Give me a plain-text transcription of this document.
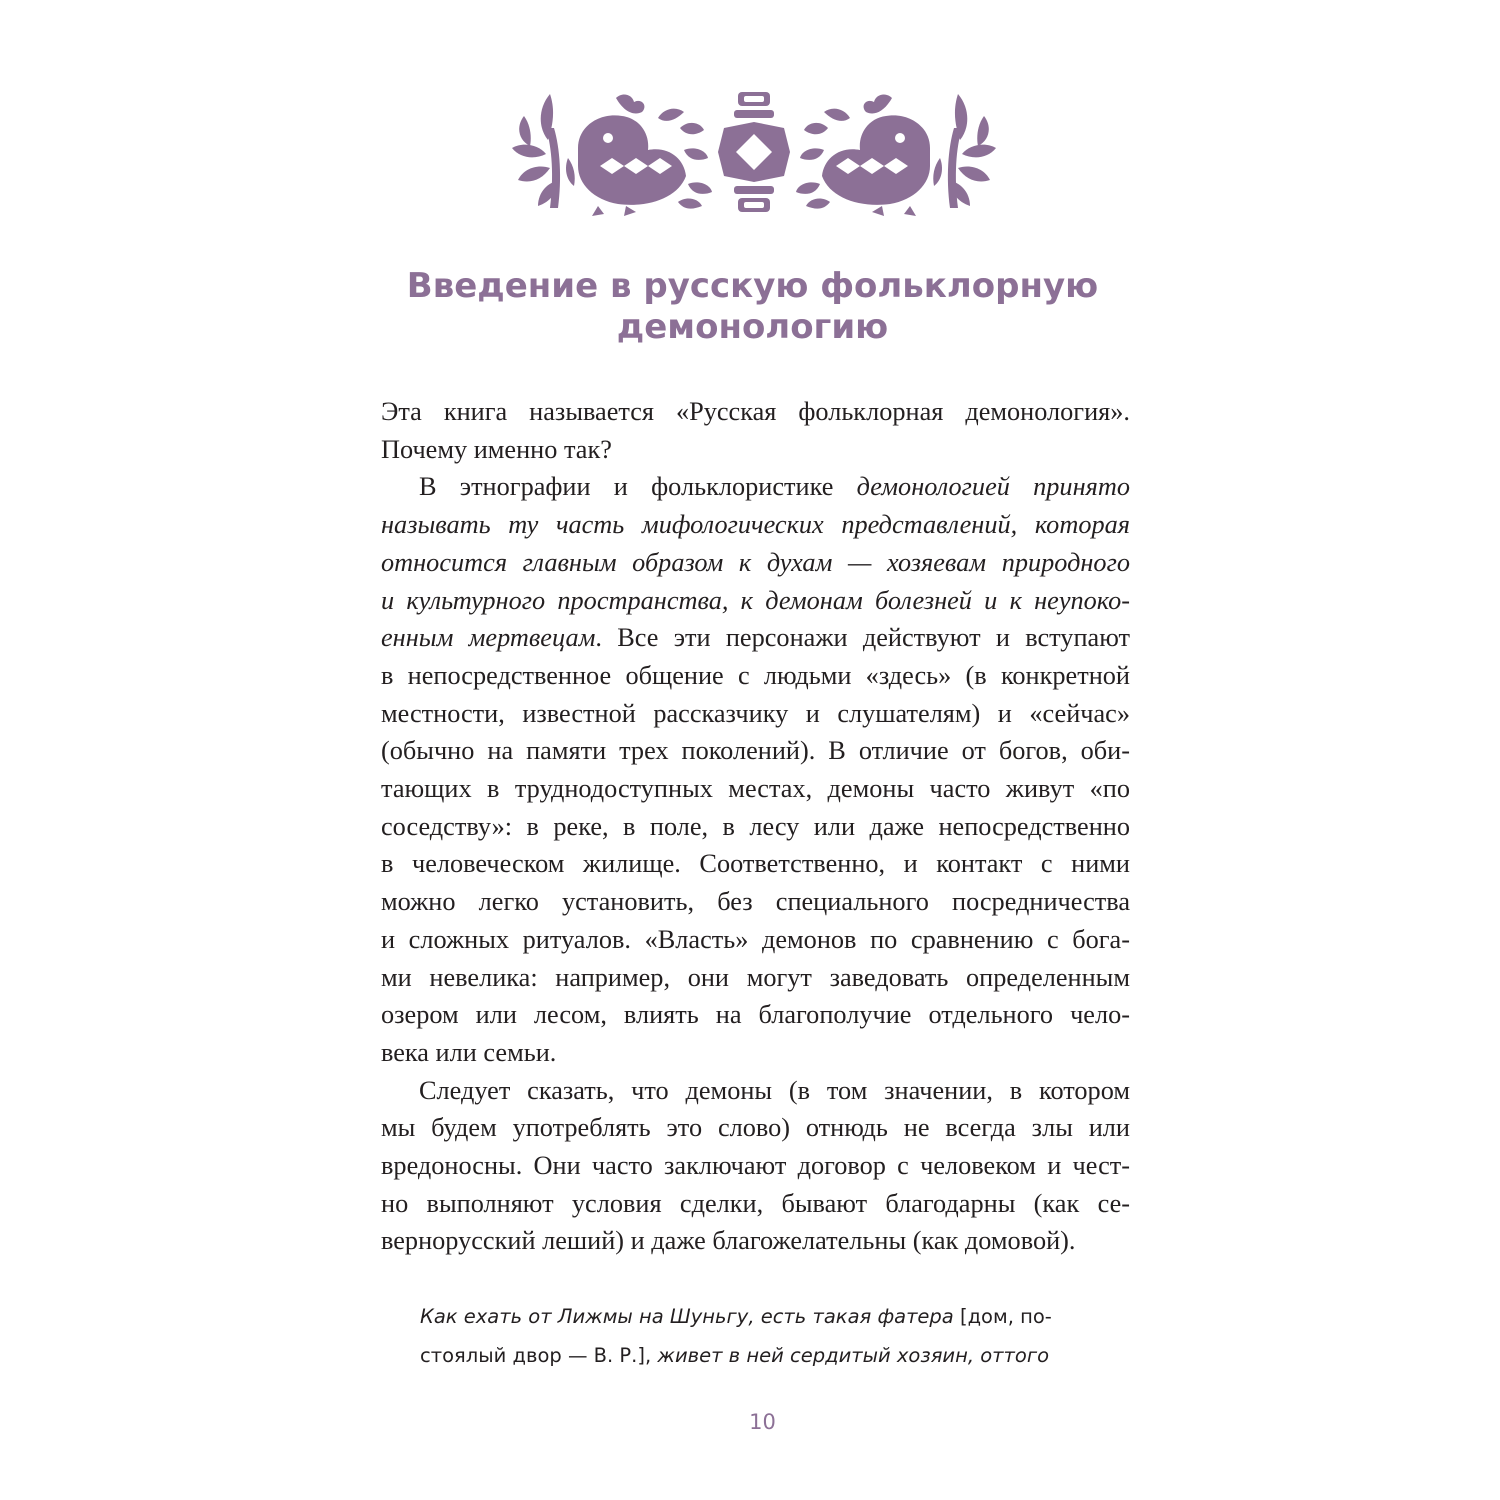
Введение в русскую фольклорную
демонологию
Эта книга называется «Русская фольклорная демонология».
Почему именно так?
В этнографии и фольклористике демонологией принято
называть ту часть мифологических представлений, которая
относится главным образом к духам — хозяевам природного
и культурного пространства, к демонам болезней и к неупоко-
енным мертвецам. Все эти персонажи действуют и вступают
в непосредственное общение с людьми «здесь» (в конкретной
местности, известной рассказчику и слушателям) и «сейчас»
(обычно на памяти трех поколений). В отличие от богов, оби-
тающих в труднодоступных местах, демоны часто живут «по
соседству»: в реке, в поле, в лесу или даже непосредственно
в человеческом жилище. Соответственно, и контакт с ними
можно легко установить, без специального посредничества
и сложных ритуалов. «Власть» демонов по сравнению с бога-
ми невелика: например, они могут заведовать определенным
озером или лесом, влиять на благополучие отдельного чело-
века или семьи.
Следует сказать, что демоны (в том значении, в котором
мы будем употреблять это слово) отнюдь не всегда злы или
вредоносны. Они часто заключают договор с человеком и чест-
но выполняют условия сделки, бывают благодарны (как се-
вернорусский леший) и даже благожелательны (как домовой).
Как ехать от Лижмы на Шуньгу, есть такая фатера [дом, по-
стоялый двор — В. Р.], живет в ней сердитый хозяин, оттого
10
